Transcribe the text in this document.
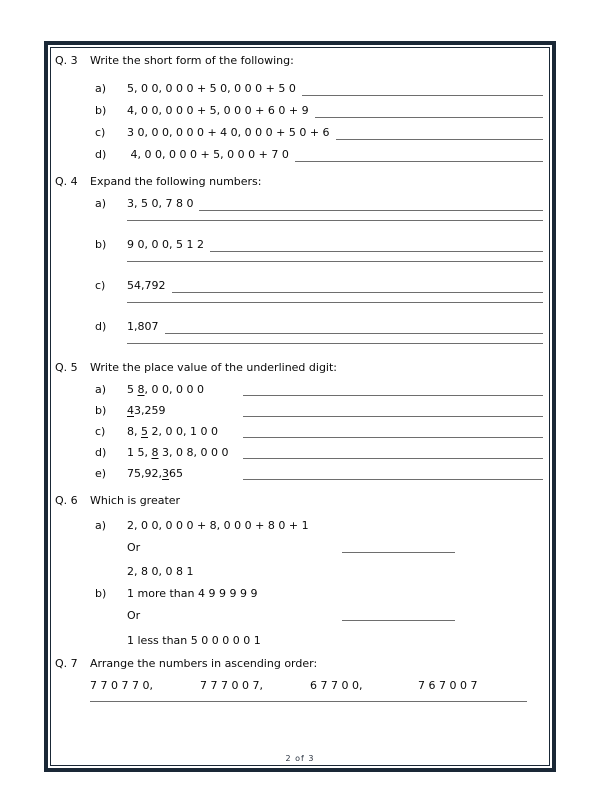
Q. 3	Write the short form of the following:
a)	5, 0 0, 0 0 0 + 5 0, 0 0 0 + 5 0
b)	4, 0 0, 0 0 0 + 5, 0 0 0 + 6 0 + 9
c)	3 0, 0 0, 0 0 0 + 4 0, 0 0 0 + 5 0 + 6
d)	4, 0 0, 0 0 0 + 5, 0 0 0 + 7 0
Q. 4	Expand the following numbers:
a)	3, 5 0, 7 8 0
b)	9 0, 0 0, 5 1 2
c)	54,792
d)	1,807
Q. 5	Write the place value of the underlined digit:
a)	5 8, 0 0, 0 0 0
b)	43,259
c)	8, 5 2, 0 0, 1 0 0
d)	1 5, 8 3, 0 8, 0 0 0
e)	75,92,365
Q. 6	Which is greater
a)	2, 0 0, 0 0 0 + 8, 0 0 0 + 8 0 + 1
Or
2, 8 0, 0 8 1
b)	1 more than 4 9 9 9 9 9
Or
1 less than 5 0 0 0 0 0 1
Q. 7	Arrange the numbers in ascending order:
7 7 0 7 7 0,	7 7 7 0 0 7,	6 7 7 0 0,	7 6 7 0 0 7
2 of 3
